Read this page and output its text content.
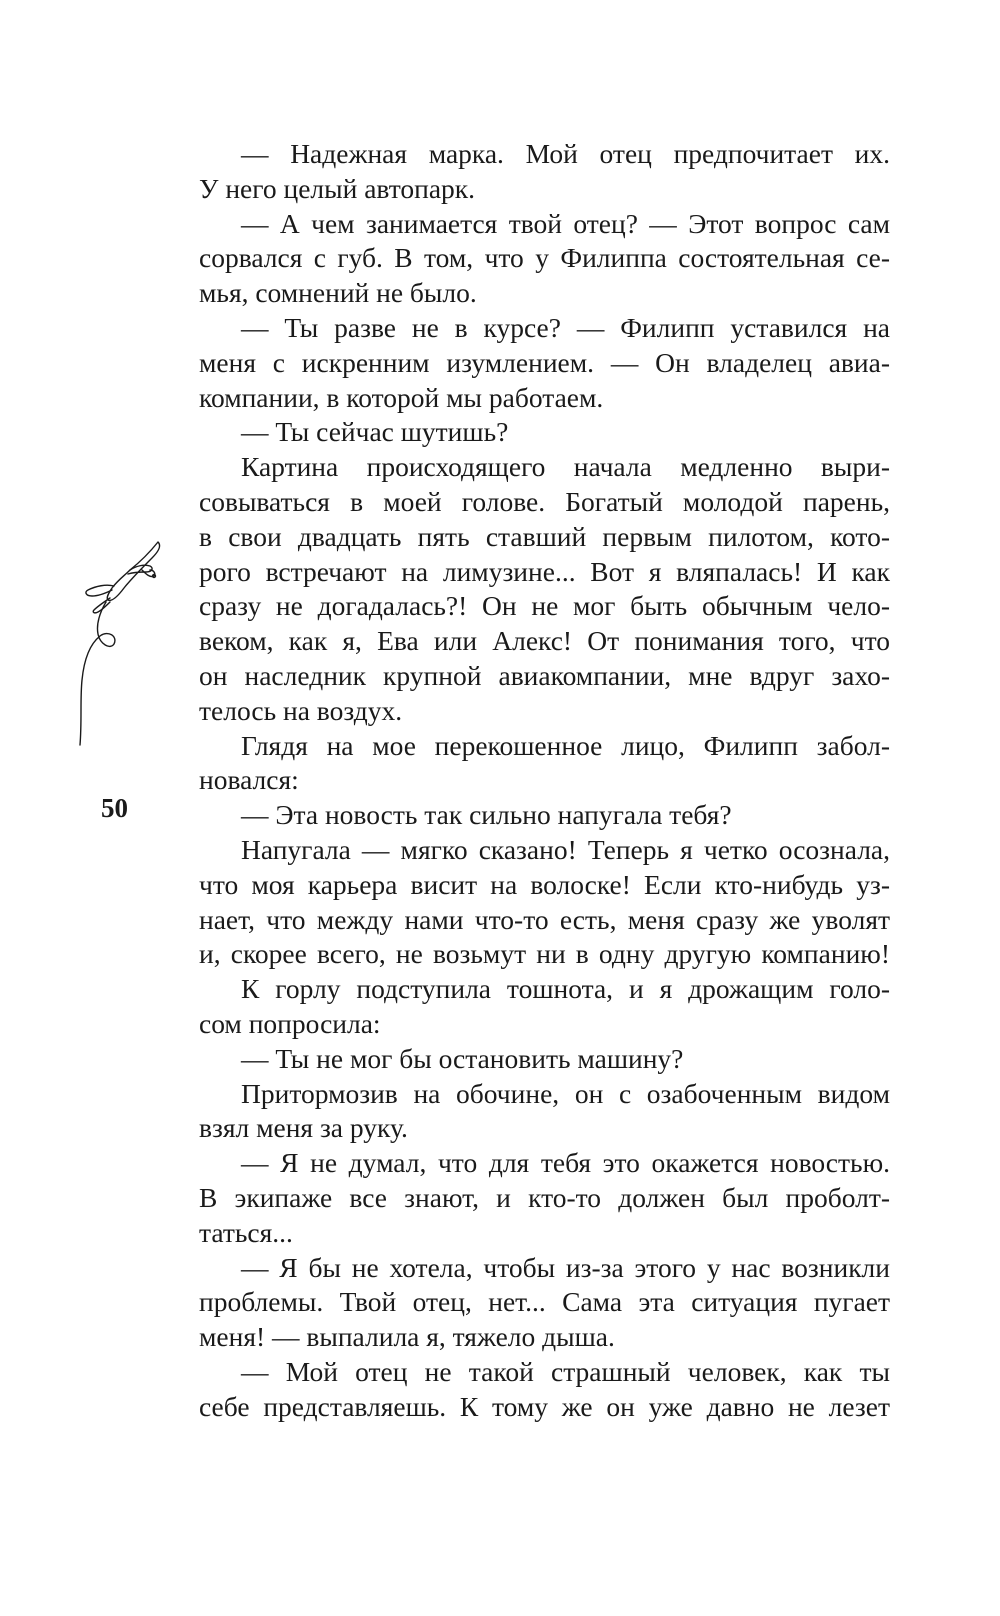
— Надежная марка. Мой отец предпочитает их.
У него целый автопарк.
— А чем занимается твой отец? — Этот вопрос сам
сорвался с губ. В том, что у Филиппа состоятельная се-
мья, сомнений не было.
— Ты разве не в курсе? — Филипп уставился на
меня с искренним изумлением. — Он владелец авиа-
компании, в которой мы работаем.
— Ты сейчас шутишь?
Картина происходящего начала медленно выри-
совываться в моей голове. Богатый молодой парень,
в свои двадцать пять ставший первым пилотом, кото-
рого встречают на лимузине... Вот я вляпалась! И как
сразу не догадалась?! Он не мог быть обычным чело-
веком, как я, Ева или Алекс! От понимания того, что
он наследник крупной авиакомпании, мне вдруг захо-
телось на воздух.
Глядя на мое перекошенное лицо, Филипп забол-
новался:
— Эта новость так сильно напугала тебя?
Напугала — мягко сказано! Теперь я четко осознала,
что моя карьера висит на волоске! Если кто-нибудь уз-
нает, что между нами что-то есть, меня сразу же уволят
и, скорее всего, не возьмут ни в одну другую компанию!
К горлу подступила тошнота, и я дрожащим голо-
сом попросила:
— Ты не мог бы остановить машину?
Притормозив на обочине, он с озабоченным видом
взял меня за руку.
— Я не думал, что для тебя это окажется новостью.
В экипаже все знают, и кто-то должен был проболт-
таться...
— Я бы не хотела, чтобы из-за этого у нас возникли
проблемы. Твой отец, нет... Сама эта ситуация пугает
меня! — выпалила я, тяжело дыша.
— Мой отец не такой страшный человек, как ты
себе представляешь. К тому же он уже давно не лезет
50
